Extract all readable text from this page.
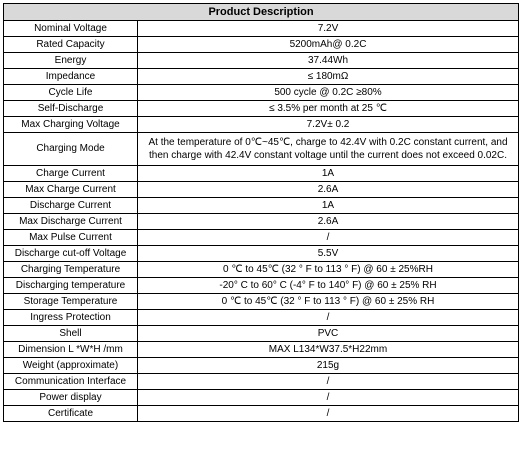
Product Description	
Nominal Voltage	7.2V
Rated Capacity	5200mAh@ 0.2C
Energy	37.44Wh
Impedance	≤ 180mΩ
Cycle Life	500 cycle @ 0.2C ≥80%
Self-Discharge	≤ 3.5% per month at 25 ℃
Max Charging Voltage	7.2V± 0.2
Charging Mode	At the temperature of 0℃~45℃, charge to 42.4V with 0.2C constant current, and then charge with 42.4V constant voltage until the current does not exceed 0.02C.
Charge Current	1A
Max Charge Current	2.6A
Discharge Current	1A
Max Discharge Current	2.6A
Max Pulse Current	/
Discharge cut-off Voltage	5.5V
Charging Temperature	0 ℃ to 45℃ (32 ° F to 113 ° F) @ 60 ± 25%RH
Discharging temperature	-20° C to 60° C (-4° F to 140° F) @ 60 ± 25% RH
Storage Temperature	0 ℃ to 45℃ (32 ° F to 113 ° F) @ 60 ± 25% RH
Ingress Protection	/
Shell	PVC
Dimension L *W*H /mm	MAX L134*W37.5*H22mm
Weight (approximate)	215g
Communication Interface	/
Power display	/
Certificate	/
